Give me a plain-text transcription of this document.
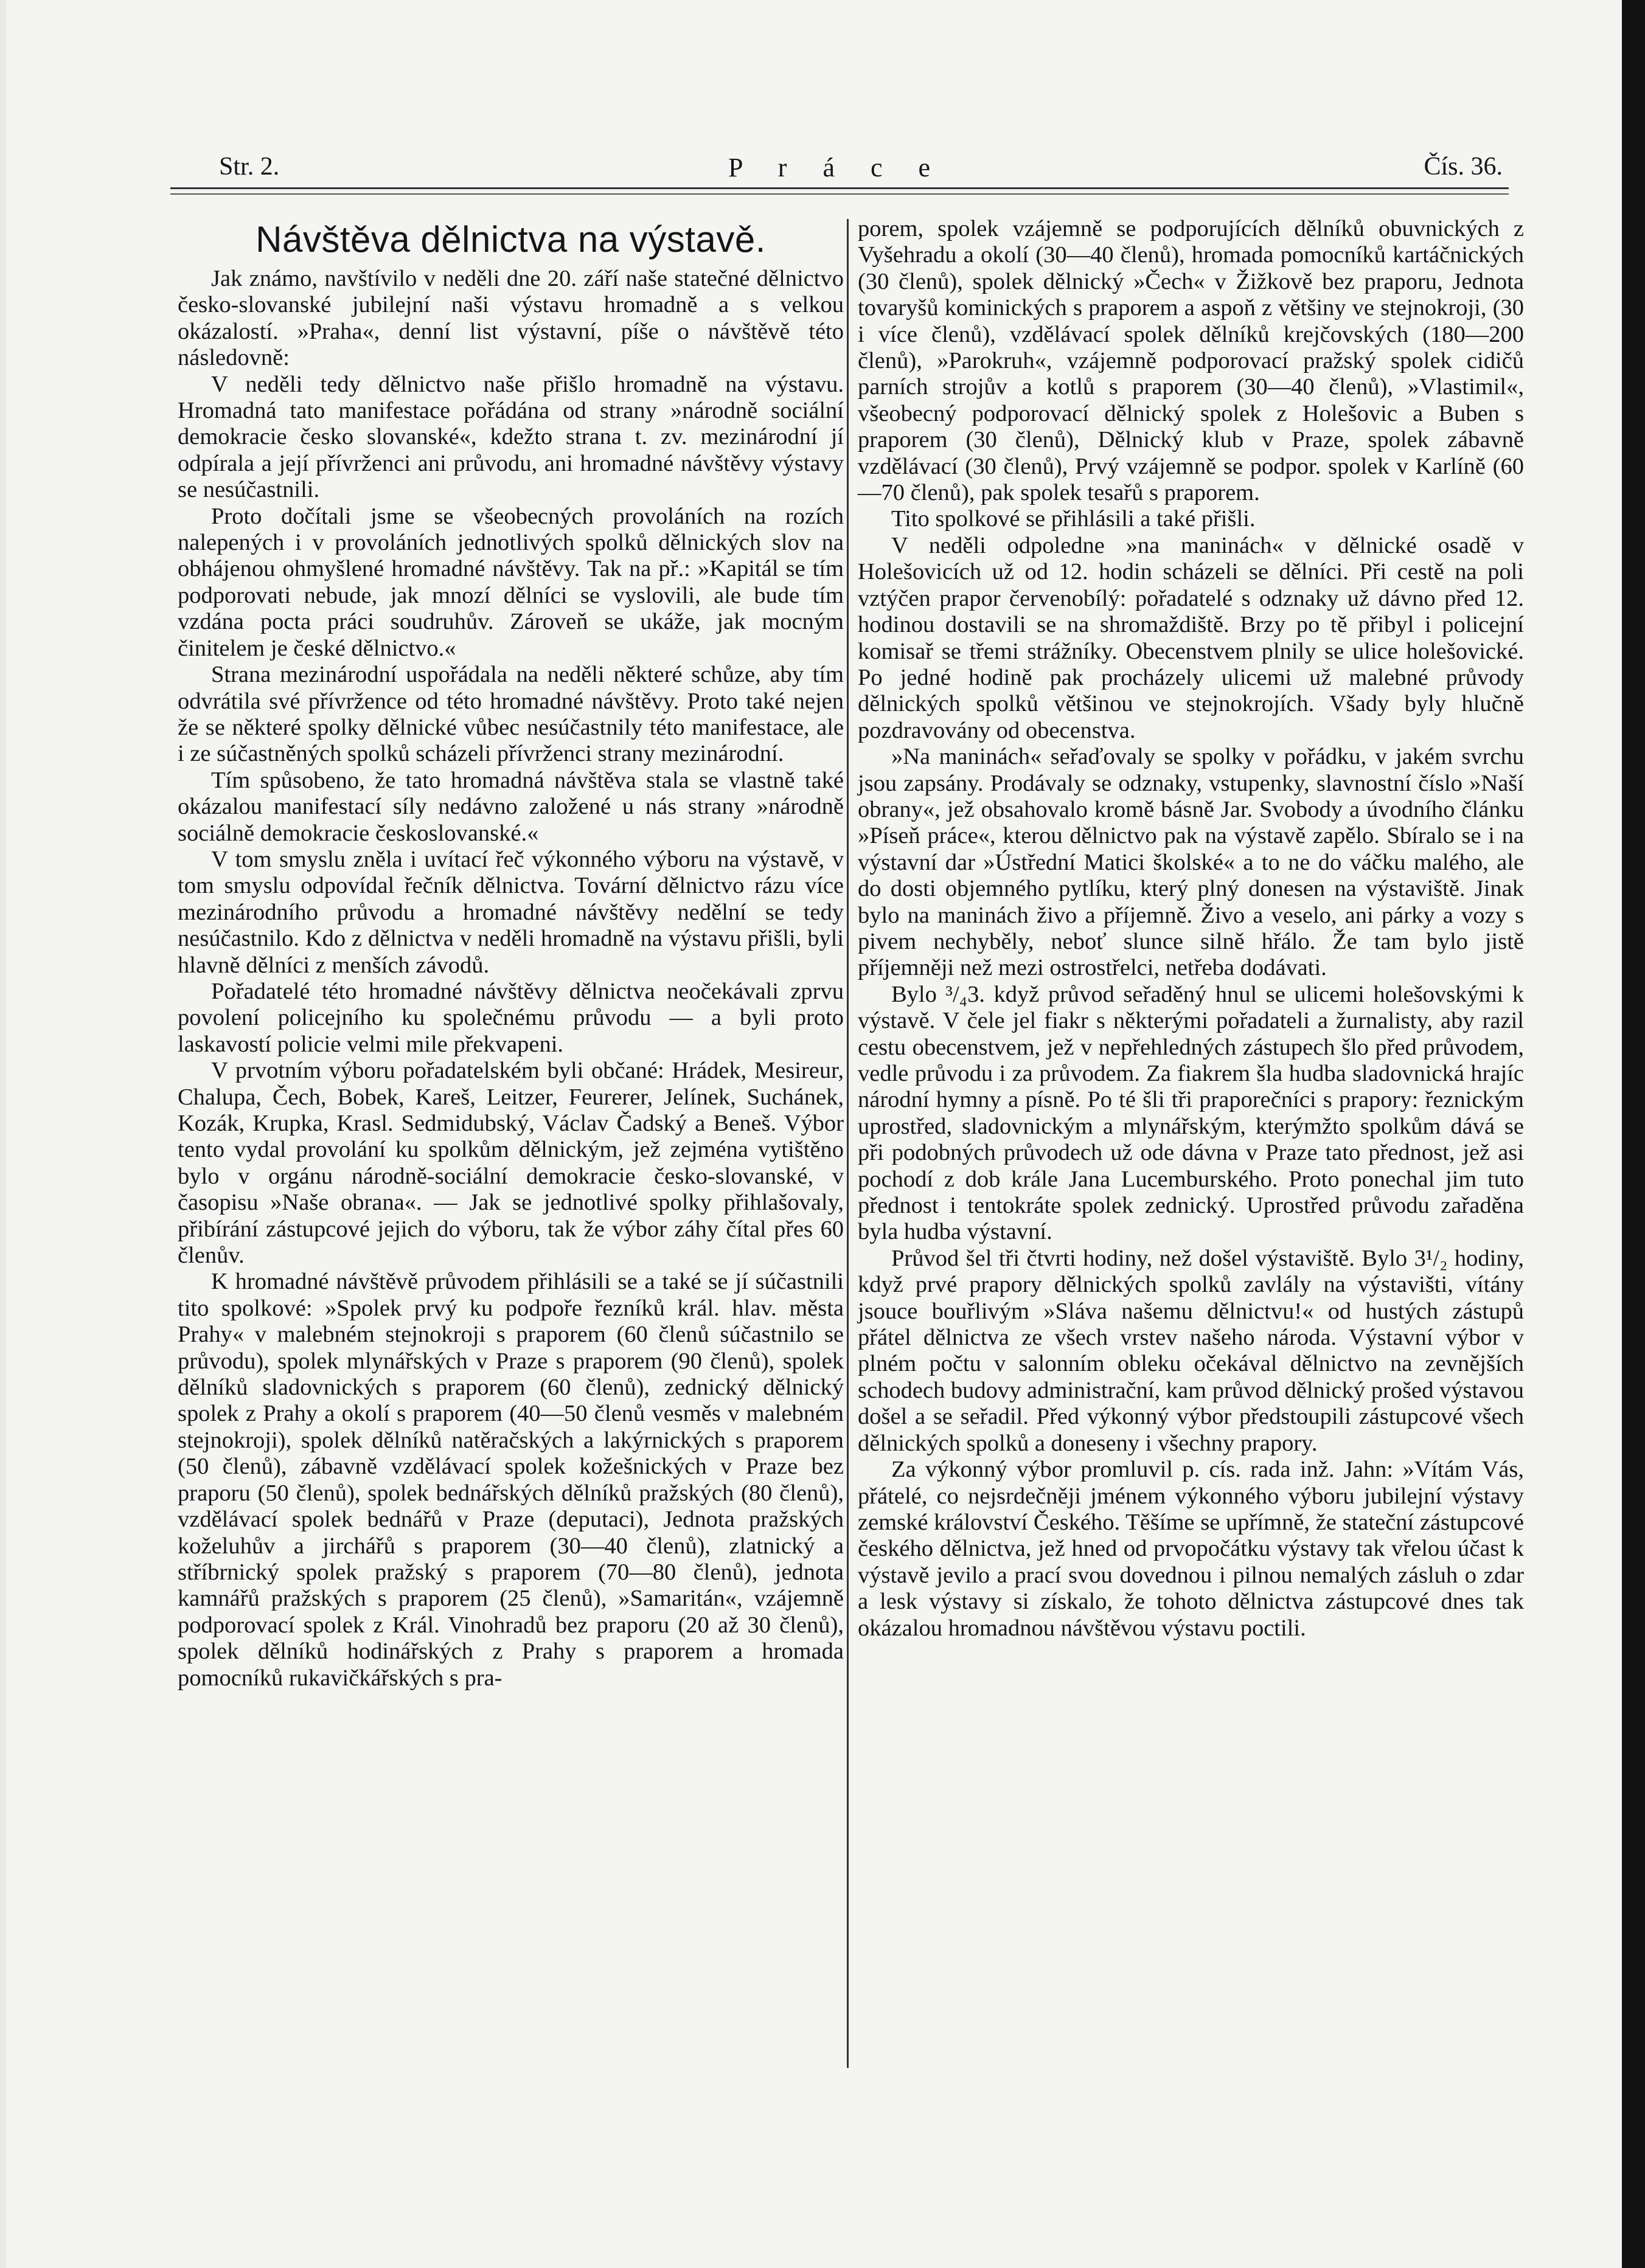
Str. 2.	P r á c e	Čís. 36.
Návštěva dělnictva na výstavě.

Jak známo, navštívilo v neděli dne 20. září naše statečné dělnictvo česko-slovanské jubilejní naši výstavu hromadně a s velkou okázalostí. »Praha«, denní list výstavní, píše o návštěvě této následovně:

V neděli tedy dělnictvo naše přišlo hromadně na výstavu. Hromadná tato manifestace pořádána od strany »národně sociální demokracie česko slovanské«, kdežto strana t. zv. mezinárodní jí odpírala a její přívrženci ani průvodu, ani hromadné návštěvy výstavy se nesúčastnili.

Proto dočítali jsme se všeobecných provoláních na rozích nalepených i v provoláních jednotlivých spolků dělnických slov na obhájenou ohmyšlené hromadné návštěvy. Tak na př.: »Kapitál se tím podporovati nebude, jak mnozí dělníci se vyslovili, ale bude tím vzdána pocta práci soudruhův. Zároveň se ukáže, jak mocným činitelem je české dělnictvo.«

Strana mezinárodní uspořádala na neděli některé schůze, aby tím odvrátila své přívržence od této hromadné návštěvy. Proto také nejen že se některé spolky dělnické vůbec nesúčastnily této manifestace, ale i ze súčastněných spolků scházeli přívrženci strany mezinárodní.

Tím spůsobeno, že tato hromadná návštěva stala se vlastně také okázalou manifestací síly nedávno založené u nás strany »národně sociálně demokracie českoslovanské.«

V tom smyslu zněla i uvítací řeč výkonného výboru na výstavě, v tom smyslu odpovídal řečník dělnictva. Tovární dělnictvo rázu více mezinárodního průvodu a hromadné návštěvy nedělní se tedy nesúčastnilo. Kdo z dělnictva v neděli hromadně na výstavu přišli, byli hlavně dělníci z menších závodů.

Pořadatelé této hromadné návštěvy dělnictva neočekávali zprvu povolení policejního ku společnému průvodu — a byli proto laskavostí policie velmi mile překvapeni.

V prvotním výboru pořadatelském byli občané: Hrádek, Mesireur, Chalupa, Čech, Bobek, Kareš, Leitzer, Feurerer, Jelínek, Suchánek, Kozák, Krupka, Krasl. Sedmidubský, Václav Čadský a Beneš. Výbor tento vydal provolání ku spolkům dělnickým, jež zejména vytištěno bylo v orgánu národně-sociální demokracie česko-slovanské, v časopisu »Naše obrana«. — Jak se jednotlivé spolky přihlašovaly, přibírání zástupcové jejich do výboru, tak že výbor záhy čítal přes 60 členův.

K hromadné návštěvě průvodem přihlásili se a také se jí súčastnili tito spolkové: »Spolek prvý ku podpoře řezníků král. hlav. města Prahy« v malebném stejnokroji s praporem (60 členů súčastnilo se průvodu), spolek mlynářských v Praze s praporem (90 členů), spolek dělníků sladovnických s praporem (60 členů), zednický dělnický spolek z Prahy a okolí s praporem (40—50 členů vesměs v malebném stejnokroji), spolek dělníků natěračských a lakýrnických s praporem (50 členů), zábavně vzdělávací spolek kožešnických v Praze bez praporu (50 členů), spolek bednářských dělníků pražských (80 členů), vzdělávací spolek bednářů v Praze (deputaci), Jednota pražských koželuhův a jirchářů s praporem (30—40 členů), zlatnický a stříbrnický spolek pražský s praporem (70—80 členů), jednota kamnářů pražských s praporem (25 členů), »Samaritán«, vzájemně podporovací spolek z Král. Vinohradů bez praporu (20 až 30 členů), spolek dělníků hodinářských z Prahy s praporem a hromada pomocníků rukavičkářských s pra-

porem, spolek vzájemně se podporujících dělníků obuvnických z Vyšehradu a okolí (30—40 členů), hromada pomocníků kartáčnických (30 členů), spolek dělnický »Čech« v Žižkově bez praporu, Jednota tovaryšů kominických s praporem a aspoň z většiny ve stejnokroji, (30 i více členů), vzdělávací spolek dělníků krejčovských (180—200 členů), »Parokruh«, vzájemně podporovací pražský spolek cidičů parních strojův a kotlů s praporem (30—40 členů), »Vlastimil«, všeobecný podporovací dělnický spolek z Holešovic a Buben s praporem (30 členů), Dělnický klub v Praze, spolek zábavně vzdělávací (30 členů), Prvý vzájemně se podpor. spolek v Karlíně (60—70 členů), pak spolek tesařů s praporem.

Tito spolkové se přihlásili a také přišli.

V neděli odpoledne »na maninách« v dělnické osadě v Holešovicích už od 12. hodin scházeli se dělníci. Při cestě na poli vztýčen prapor červenobílý: pořadatelé s odznaky už dávno před 12. hodinou dostavili se na shromaždiště. Brzy po tě přibyl i policejní komisař se třemi strážníky. Obecenstvem plnily se ulice holešovické. Po jedné hodině pak procházely ulicemi už malebné průvody dělnických spolků většinou ve stejnokrojích. Všady byly hlučně pozdravovány od obecenstva.

»Na maninách« seřaďovaly se spolky v pořádku, v jakém svrchu jsou zapsány. Prodávaly se odznaky, vstupenky, slavnostní číslo »Naší obrany«, jež obsahovalo kromě básně Jar. Svobody a úvodního článku »Píseň práce«, kterou dělnictvo pak na výstavě zapělo. Sbíralo se i na výstavní dar »Ústřední Matici školské« a to ne do váčku malého, ale do dosti objemného pytlíku, který plný donesen na výstaviště. Jinak bylo na maninách živo a příjemně. Živo a veselo, ani párky a vozy s pivem nechyběly, neboť slunce silně hřálo. Že tam bylo jistě příjemněji než mezi ostrostřelci, netřeba dodávati.

Bylo ³/₄3. když průvod seřaděný hnul se ulicemi holešovskými k výstavě. V čele jel fiakr s některými pořadateli a žurnalisty, aby razil cestu obecenstvem, jež v nepřehledných zástupech šlo před průvodem, vedle průvodu i za průvodem. Za fiakrem šla hudba sladovnická hrajíc národní hymny a písně. Po té šli tři praporečníci s prapory: řeznickým uprostřed, sladovnickým a mlynářským, kterýmžto spolkům dává se při podobných průvodech už ode dávna v Praze tato přednost, jež asi pochodí z dob krále Jana Lucemburského. Proto ponechal jim tuto přednost i tentokráte spolek zednický. Uprostřed průvodu zařaděna byla hudba výstavní.

Průvod šel tři čtvrti hodiny, než došel výstaviště. Bylo 3¹/₂ hodiny, když prvé prapory dělnických spolků zavlály na výstavišti, vítány jsouce bouřlivým »Sláva našemu dělnictvu!« od hustých zástupů přátel dělnictva ze všech vrstev našeho národa. Výstavní výbor v plném počtu v salonním obleku očekával dělnictvo na zevnějších schodech budovy administrační, kam průvod dělnický prošed výstavou došel a se seřadil. Před výkonný výbor předstoupili zástupcové všech dělnických spolků a doneseny i všechny prapory.

Za výkonný výbor promluvil p. cís. rada inž. Jahn: »Vítám Vás, přátelé, co nejsrdečněji jménem výkonného výboru jubilejní výstavy zemské království Českého. Těšíme se upřímně, že stateční zástupcové českého dělnictva, jež hned od prvopočátku výstavy tak vřelou účast k výstavě jevilo a prací svou dovednou i pilnou nemalých zásluh o zdar a lesk výstavy si získalo, že tohoto dělnictva zástupcové dnes tak okázalou hromadnou návštěvou výstavu poctili.
